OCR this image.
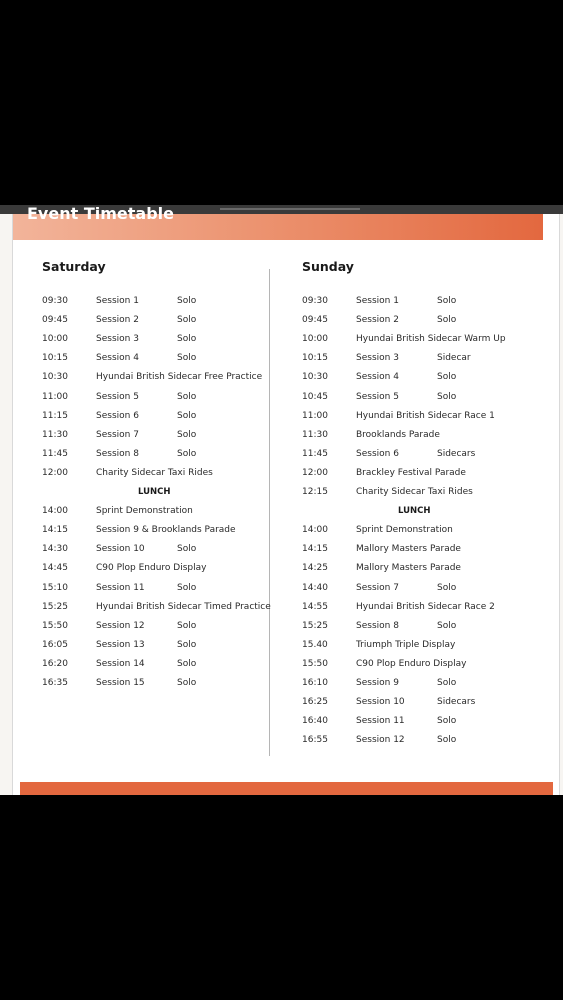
Event Timetable
Saturday	Sunday
09:30	Session 1	Solo
09:45	Session 2	Solo
10:00	Session 3	Solo
10:15	Session 4	Solo
10:30	Hyundai British Sidecar Free Practice
11:00	Session 5	Solo
11:15	Session 6	Solo
11:30	Session 7	Solo
11:45	Session 8	Solo
12:00	Charity Sidecar Taxi Rides
LUNCH
14:00	Sprint Demonstration
14:15	Session 9 & Brooklands Parade
14:30	Session 10	Solo
14:45	C90 Plop Enduro Display
15:10	Session 11	Solo
15:25	Hyundai British Sidecar Timed Practice
15:50	Session 12	Solo
16:05	Session 13	Solo
16:20	Session 14	Solo
16:35	Session 15	Solo
09:30	Session 1	Solo
09:45	Session 2	Solo
10:00	Hyundai British Sidecar Warm Up
10:15	Session 3	Sidecar
10:30	Session 4	Solo
10:45	Session 5	Solo
11:00	Hyundai British Sidecar Race 1
11:30	Brooklands Parade
11:45	Session 6	Sidecars
12:00	Brackley Festival Parade
12:15	Charity Sidecar Taxi Rides
LUNCH
14:00	Sprint Demonstration
14:15	Mallory Masters Parade
14:25	Mallory Masters Parade
14:40	Session 7	Solo
14:55	Hyundai British Sidecar Race 2
15:25	Session 8	Solo
15.40	Triumph Triple Display
15:50	C90 Plop Enduro Display
16:10	Session 9	Solo
16:25	Session 10	Sidecars
16:40	Session 11	Solo
16:55	Session 12	Solo
